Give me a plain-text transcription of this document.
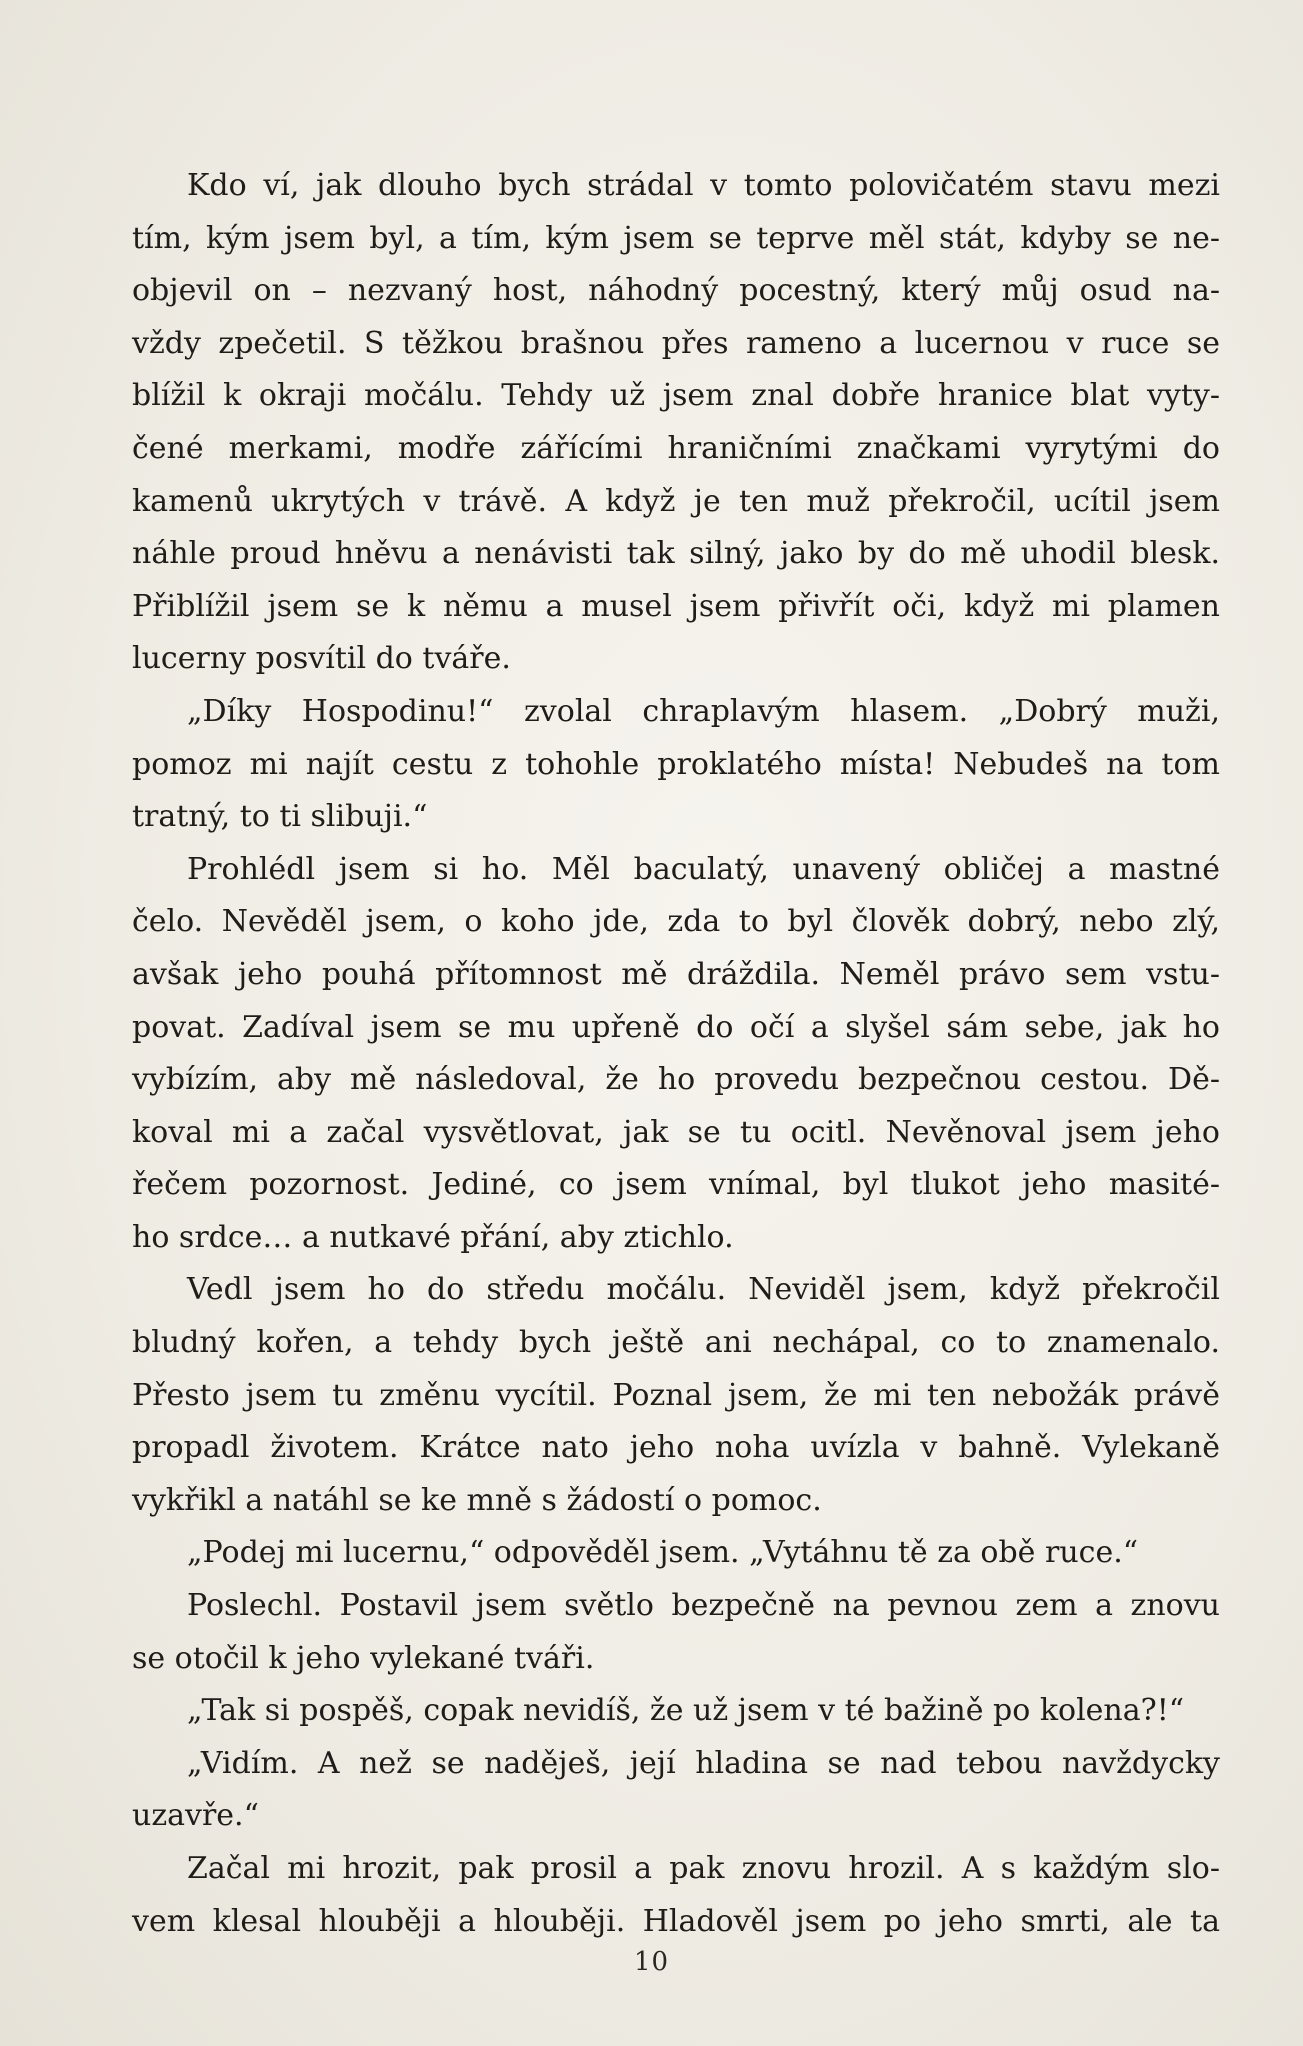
Kdo ví, jak dlouho bych strádal v tomto polovičatém stavu mezi
tím, kým jsem byl, a tím, kým jsem se teprve měl stát, kdyby se ne-
objevil on – nezvaný host, náhodný pocestný, který můj osud na-
vždy zpečetil. S těžkou brašnou přes rameno a lucernou v ruce se
blížil k okraji močálu. Tehdy už jsem znal dobře hranice blat vyty-
čené merkami, modře zářícími hraničními značkami vyrytými do
kamenů ukrytých v trávě. A když je ten muž překročil, ucítil jsem
náhle proud hněvu a nenávisti tak silný, jako by do mě uhodil blesk.
Přiblížil jsem se k němu a musel jsem přivřít oči, když mi plamen
lucerny posvítil do tváře.
„Díky Hospodinu!“ zvolal chraplavým hlasem. „Dobrý muži,
pomoz mi najít cestu z tohohle proklatého místa! Nebudeš na tom
tratný, to ti slibuji.“
Prohlédl jsem si ho. Měl baculatý, unavený obličej a mastné
čelo. Nevěděl jsem, o koho jde, zda to byl člověk dobrý, nebo zlý,
avšak jeho pouhá přítomnost mě dráždila. Neměl právo sem vstu-
povat. Zadíval jsem se mu upřeně do očí a slyšel sám sebe, jak ho
vybízím, aby mě následoval, že ho provedu bezpečnou cestou. Dě-
koval mi a začal vysvětlovat, jak se tu ocitl. Nevěnoval jsem jeho
řečem pozornost. Jediné, co jsem vnímal, byl tlukot jeho masité-
ho srdce… a nutkavé přání, aby ztichlo.
Vedl jsem ho do středu močálu. Neviděl jsem, když překročil
bludný kořen, a tehdy bych ještě ani nechápal, co to znamenalo.
Přesto jsem tu změnu vycítil. Poznal jsem, že mi ten nebožák právě
propadl životem. Krátce nato jeho noha uvízla v bahně. Vylekaně
vykřikl a natáhl se ke mně s žádostí o pomoc.
„Podej mi lucernu,“ odpověděl jsem. „Vytáhnu tě za obě ruce.“
Poslechl. Postavil jsem světlo bezpečně na pevnou zem a znovu
se otočil k jeho vylekané tváři.
„Tak si pospěš, copak nevidíš, že už jsem v té bažině po kolena?!“
„Vidím. A než se naděješ, její hladina se nad tebou navždycky
uzavře.“
Začal mi hrozit, pak prosil a pak znovu hrozil. A s každým slo-
vem klesal hlouběji a hlouběji. Hladověl jsem po jeho smrti, ale ta
10
